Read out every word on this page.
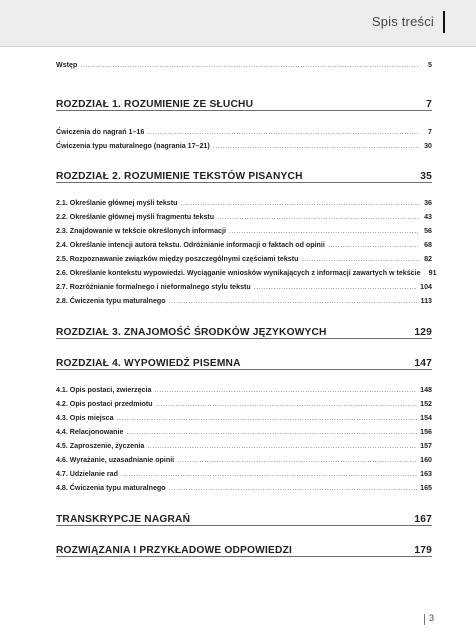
Spis treści
Wstęp .....	5
ROZDZIAŁ 1. ROZUMIENIE ZE SŁUCHU	7
Ćwiczenia do nagrań 1–16 .....	7
Ćwiczenia typu maturalnego (nagrania 17–21) .....	30
ROZDZIAŁ 2. ROZUMIENIE TEKSTÓW PISANYCH	35
2.1. Określanie głównej myśli tekstu .....	36
2.2. Określanie głównej myśli fragmentu tekstu .....	43
2.3. Znajdowanie w tekście określonych informacji .....	56
2.4. Określanie intencji autora tekstu. Odróżnianie informacji o faktach od opinii .....	68
2.5. Rozpoznawanie związków między poszczególnymi częściami tekstu .....	82
2.6. Określanie kontekstu wypowiedzi. Wyciąganie wniosków wynikających z informacji zawartych w tekście 91
2.7. Rozróżnianie formalnego i nieformalnego stylu tekstu .....	104
2.8. Ćwiczenia typu maturalnego .....	113
ROZDZIAŁ 3. ZNAJOMOŚĆ ŚRODKÓW JĘZYKOWYCH	129
ROZDZIAŁ 4. WYPOWIEDŹ PISEMNA	147
4.1. Opis postaci, zwierzęcia .....	148
4.2. Opis postaci przedmiotu .....	152
4.3. Opis miejsca .....	154
4.4. Relacjonowanie .....	156
4.5. Zaproszenie, życzenia .....	157
4.6. Wyrażanie, uzasadnianie opinii .....	160
4.7. Udzielanie rad .....	163
4.8. Ćwiczenia typu maturalnego .....	165
TRANSKRYPCJE NAGRAŃ	167
ROZWIĄZANIA I PRZYKŁADOWE ODPOWIEDZI	179
3
